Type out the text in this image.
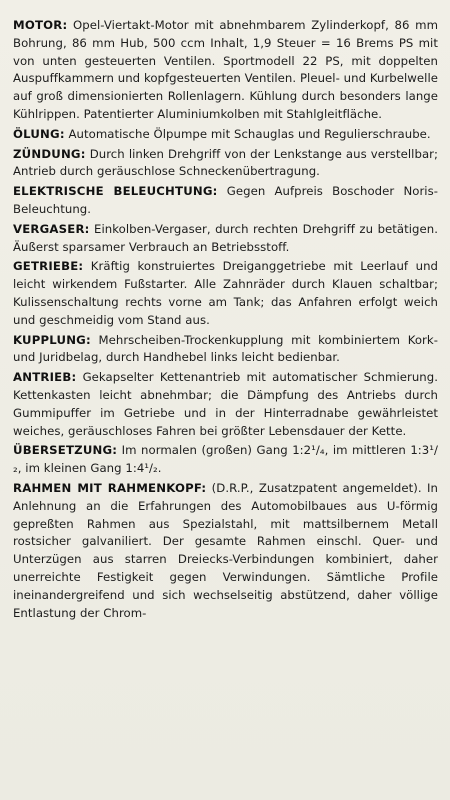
MOTOR: Opel-Viertakt-Motor mit abnehmbarem Zylinderkopf, 86 mm Bohrung, 86 mm Hub, 500 ccm Inhalt, 1,9 Steuer = 16 Brems PS mit von unten gesteuerten Ventilen. Sportmodell 22 PS, mit doppelten Auspuffkammern und kopfgesteuerten Ventilen. Pleuel- und Kurbelwelle auf groß dimensionierten Rollenlagern. Kühlung durch besonders lange Kühlrippen. Patentierter Aluminiumkolben mit Stahlgleitfläche.

ÖLUNG: Automatische Ölpumpe mit Schauglas und Regulierschraube.

ZÜNDUNG: Durch linken Drehgriff von der Lenkstange aus verstellbar; Antrieb durch geräuschlose Schneckenübertragung.

ELEKTRISCHE BELEUCHTUNG: Gegen Aufpreis Boschoder Noris-Beleuchtung.

VERGASER: Einkolben-Vergaser, durch rechten Drehgriff zu betätigen. Äußerst sparsamer Verbrauch an Betriebsstoff.

GETRIEBE: Kräftig konstruiertes Dreiganggetriebe mit Leerlauf und leicht wirkendem Fußstarter. Alle Zahnräder durch Klauen schaltbar; Kulissenschaltung rechts vorne am Tank; das Anfahren erfolgt weich und geschmeidig vom Stand aus.

KUPPLUNG: Mehrscheiben-Trockenkupplung mit kombiniertem Kork- und Juridbelag, durch Handhebel links leicht bedienbar.

ANTRIEB: Gekapselter Kettenantrieb mit automatischer Schmierung. Kettenkasten leicht abnehmbar; die Dämpfung des Antriebs durch Gummipuffer im Getriebe und in der Hinterradnabe gewährleistet weiches, geräuschloses Fahren bei größter Lebensdauer der Kette.

ÜBERSETZUNG: Im normalen (großen) Gang 1:2¹/₄, im mittleren 1:3¹/₂, im kleinen Gang 1:4¹/₂.

RAHMEN MIT RAHMENKOPF: (D.R.P., Zusatzpatent angemeldet). In Anlehnung an die Erfahrungen des Automobilbaues aus U-förmig gepreßten Rahmen aus Spezialstahl, mit mattsilbernem Metall rostsicher galvaniliert. Der gesamte Rahmen einschl. Quer- und Unterzügen aus starren Dreiecks-Verbindungen kombiniert, daher unerreichte Festigkeit gegen Verwindungen. Sämtliche Profile ineinandergreifend und sich wechselseitig abstützend, daher völlige Entlastung der Chrom-
